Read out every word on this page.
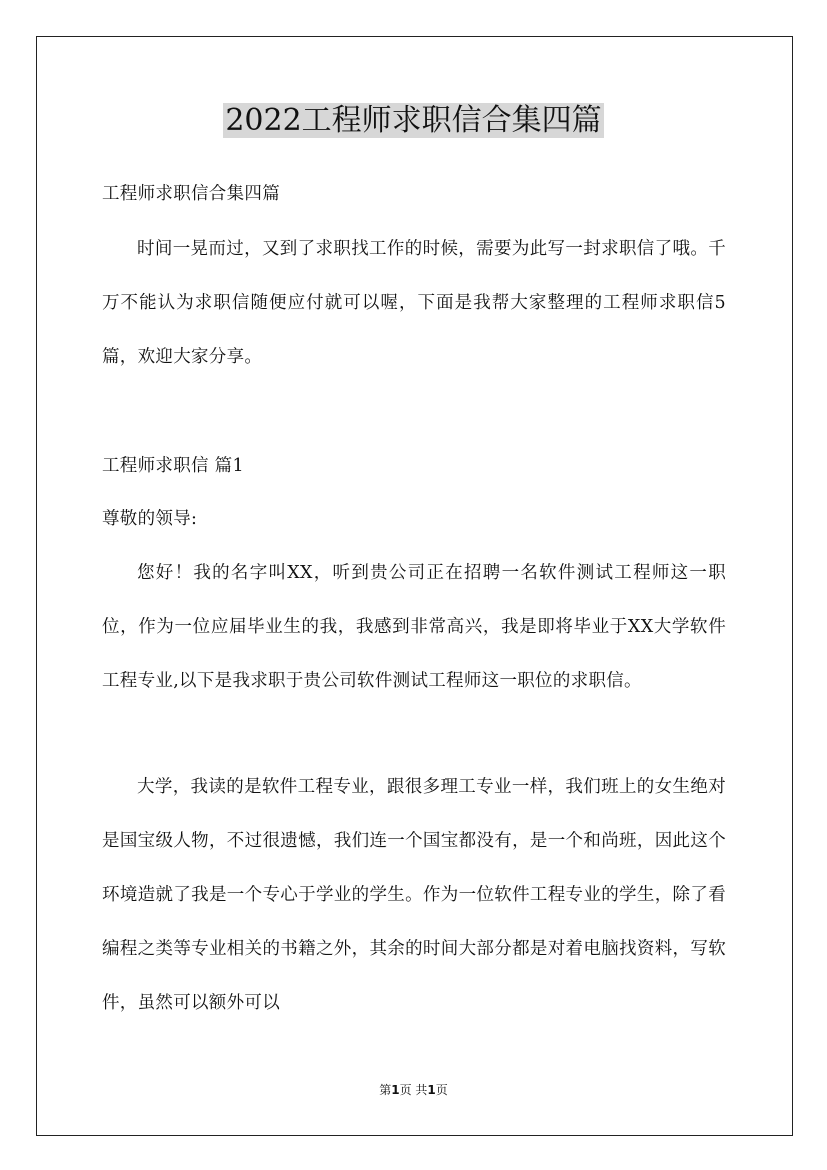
2022工程师求职信合集四篇
工程师求职信合集四篇

时间一晃而过，又到了求职找工作的时候，需要为此写一封求职信了哦。千万不能认为求职信随便应付就可以喔，下面是我帮大家整理的工程师求职信5篇，欢迎大家分享。

工程师求职信 篇1
尊敬的领导:

您好！我的名字叫XX，听到贵公司正在招聘一名软件测试工程师这一职位，作为一位应届毕业生的我，我感到非常高兴，我是即将毕业于XX大学软件工程专业,以下是我求职于贵公司软件测试工程师这一职位的求职信。

大学，我读的是软件工程专业，跟很多理工专业一样，我们班上的女生绝对是国宝级人物，不过很遗憾，我们连一个国宝都没有，是一个和尚班，因此这个环境造就了我是一个专心于学业的学生。作为一位软件工程专业的学生，除了看编程之类等专业相关的书籍之外，其余的时间大部分都是对着电脑找资料，写软件，虽然可以额外可以

第1页 共1页
